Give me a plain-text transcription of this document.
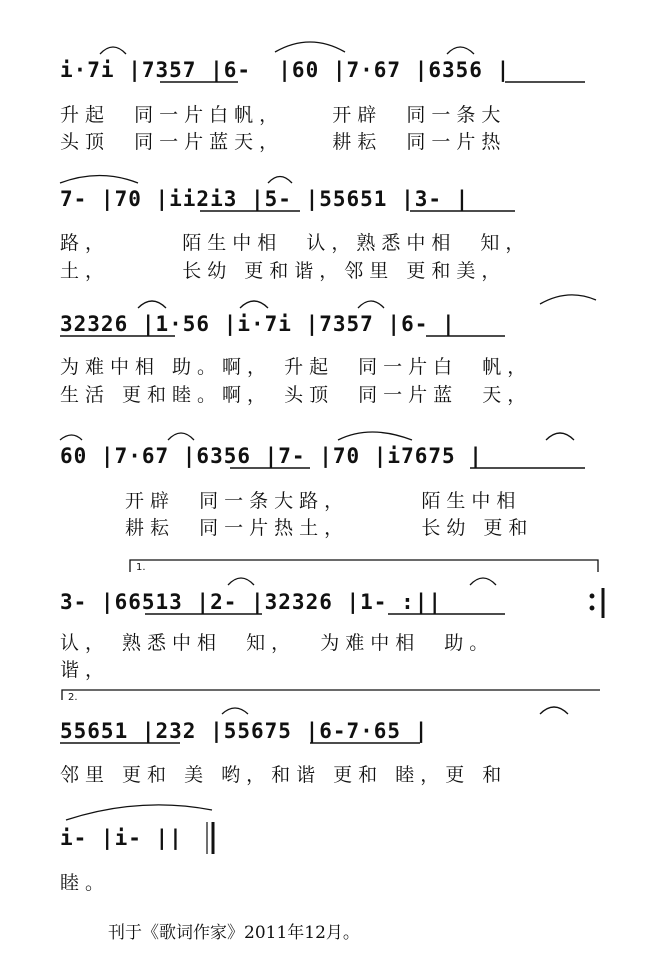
i·7i |7357 |6-  |60 |7·67 |6356 |
升起  同一片白帆，    开辟  同一条大
头顶  同一片蓝天，    耕耘  同一片热
7- |70 |ii2i3 |5- |55651 |3- |
路，      陌生中相  认，熟悉中相  知，
土，      长幼 更和谐，邻里 更和美，
32326 |1·56 |i·7i |7357 |6- |
为难中相 助。啊， 升起  同一片白  帆，
生活 更和睦。啊， 头顶  同一片蓝  天，
60 |7·67 |6356 |7- |70 |i7675 |
开辟  同一条大路，      陌生中相
耕耘  同一片热土，      长幼 更和
1.
3- |66513 |2- |32326 |1- :||
认， 熟悉中相  知，  为难中相  助。
谐，
2.
55651 |232 |55675 |6-7·65 |
邻里 更和 美 哟，和谐 更和 睦，更 和
i- |i- ||
睦。
刊于《歌词作家》2011年12月。
